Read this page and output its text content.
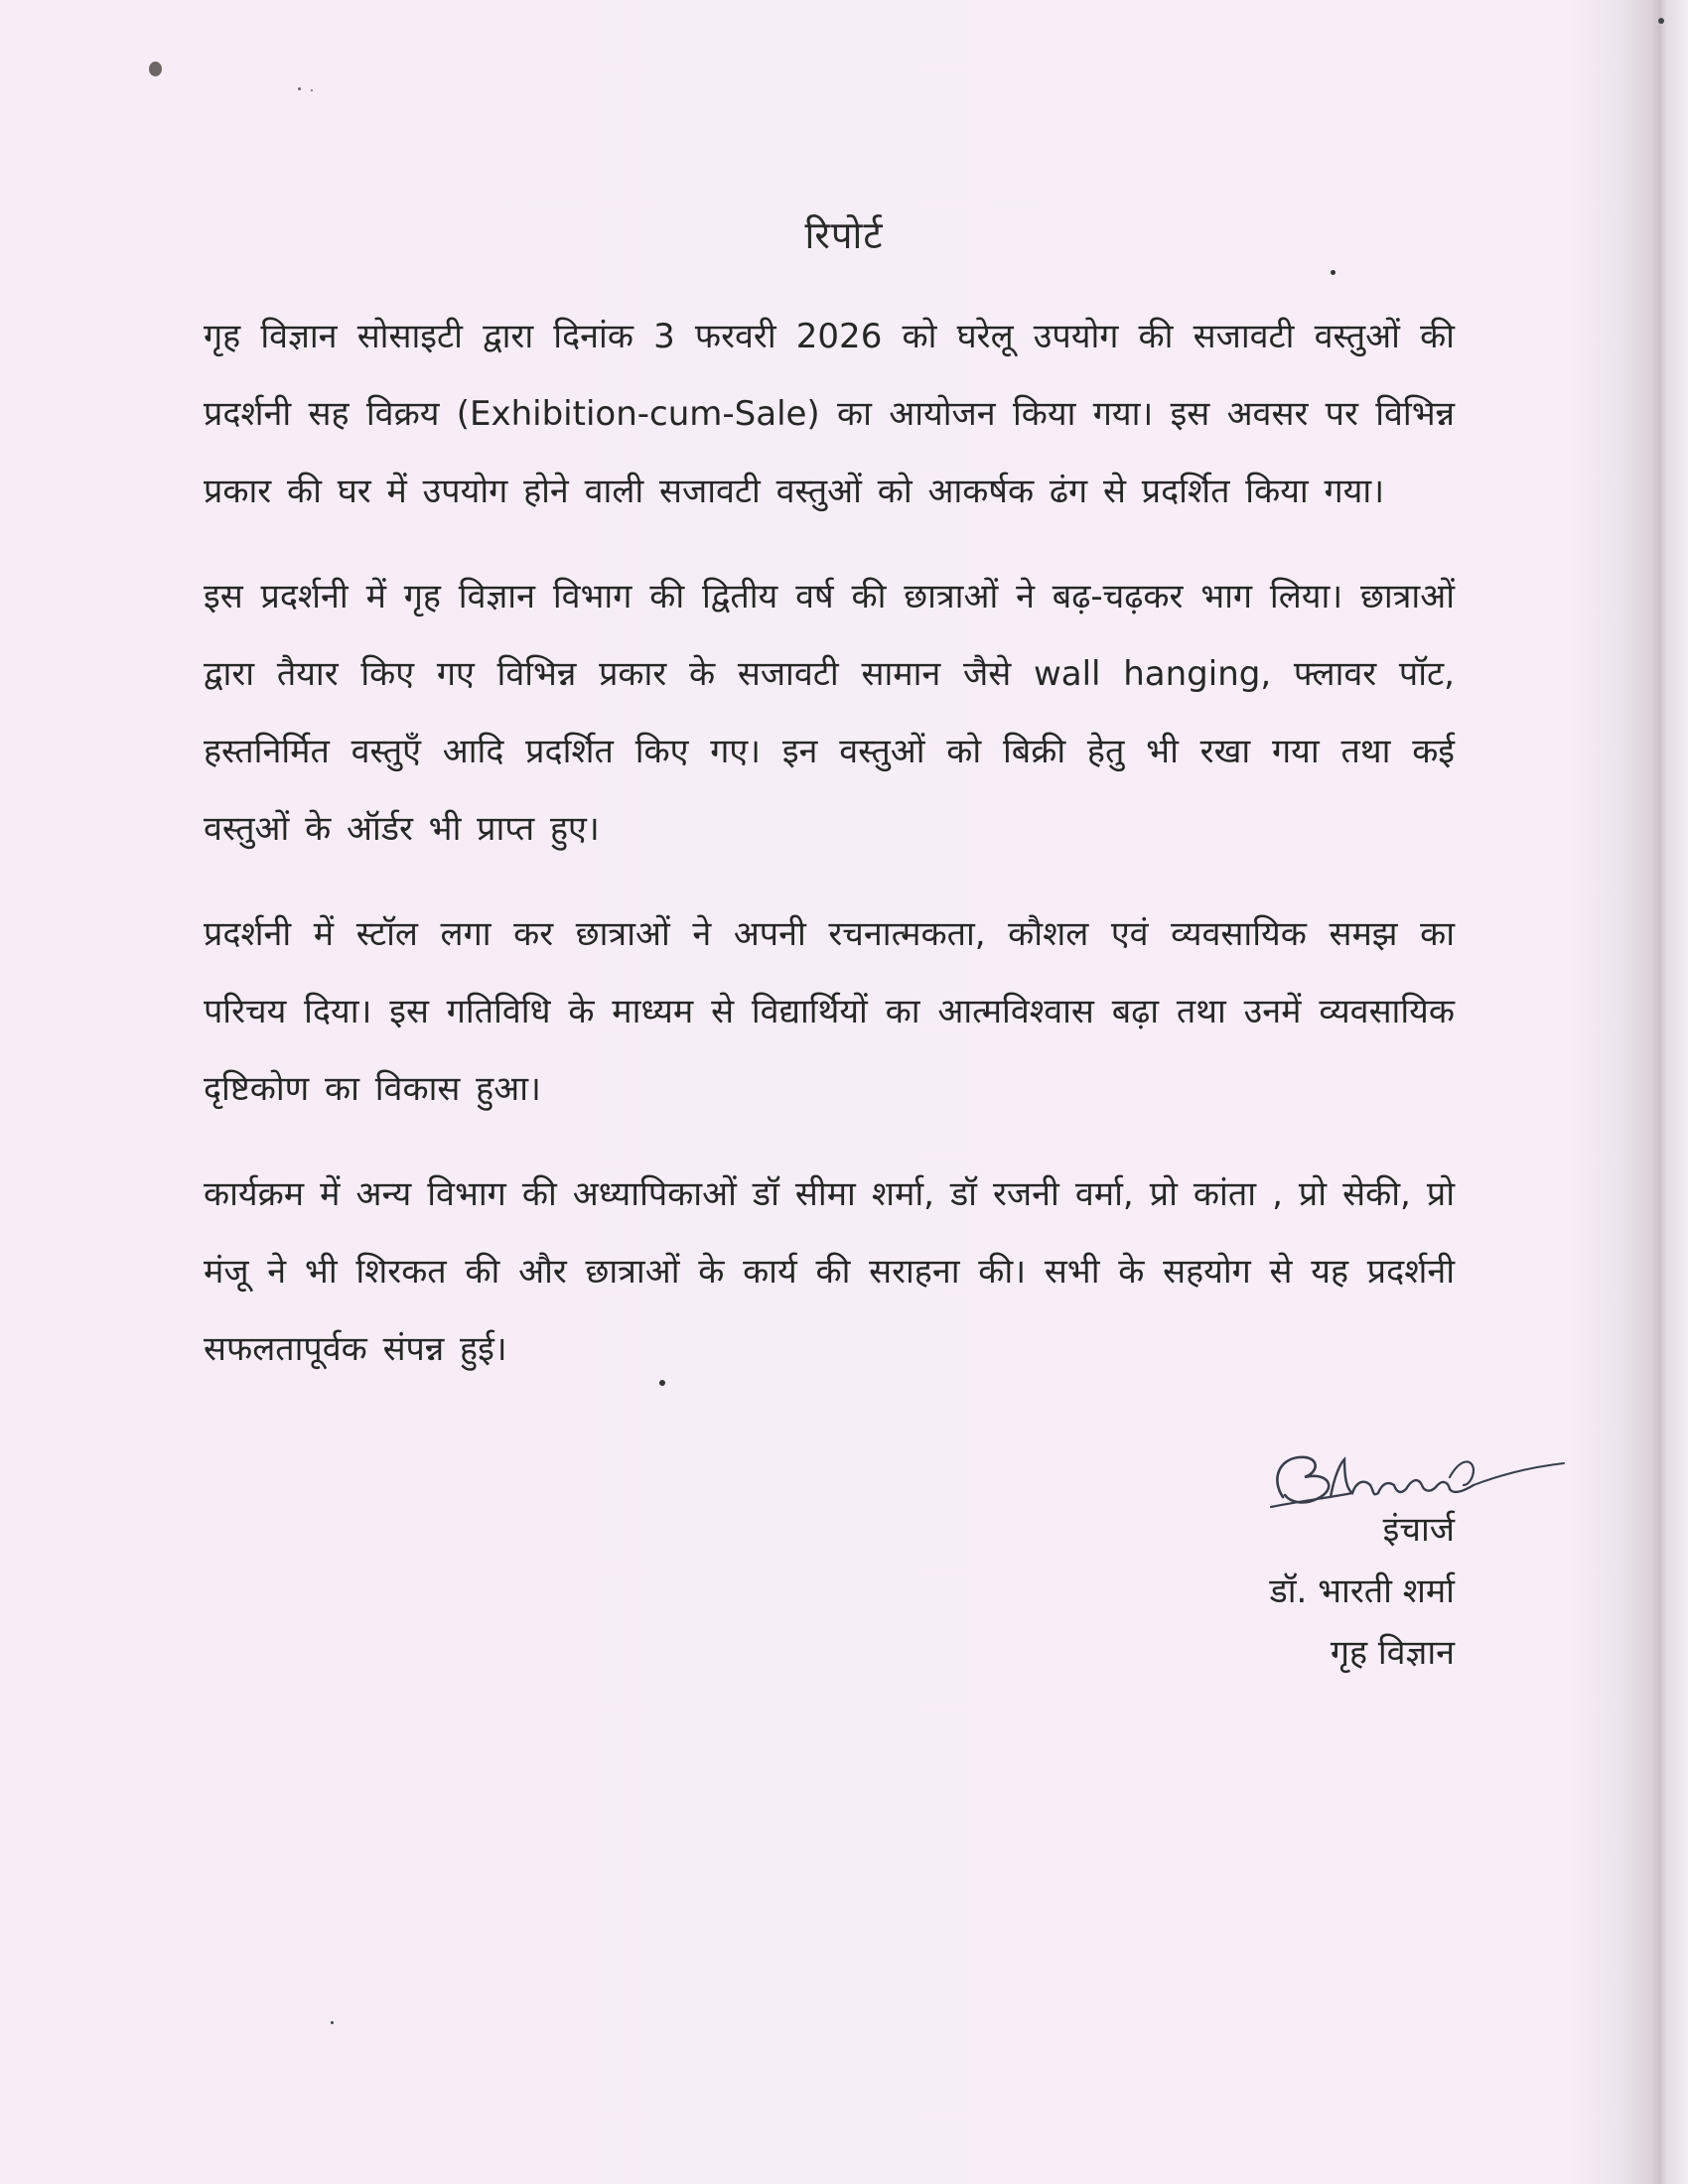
रिपोर्ट

गृह विज्ञान सोसाइटी द्वारा दिनांक 3 फरवरी 2026 को घरेलू उपयोग की सजावटी वस्तुओं की प्रदर्शनी सह विक्रय (Exhibition-cum-Sale) का आयोजन किया गया। इस अवसर पर विभिन्न प्रकार की घर में उपयोग होने वाली सजावटी वस्तुओं को आकर्षक ढंग से प्रदर्शित किया गया।

इस प्रदर्शनी में गृह विज्ञान विभाग की द्वितीय वर्ष की छात्राओं ने बढ़-चढ़कर भाग लिया। छात्राओं द्वारा तैयार किए गए विभिन्न प्रकार के सजावटी सामान जैसे wall hanging, फ्लावर पॉट, हस्तनिर्मित वस्तुएँ आदि प्रदर्शित किए गए। इन वस्तुओं को बिक्री हेतु भी रखा गया तथा कई वस्तुओं के ऑर्डर भी प्राप्त हुए।

प्रदर्शनी में स्टॉल लगा कर छात्राओं ने अपनी रचनात्मकता, कौशल एवं व्यवसायिक समझ का परिचय दिया। इस गतिविधि के माध्यम से विद्यार्थियों का आत्मविश्वास बढ़ा तथा उनमें व्यवसायिक दृष्टिकोण का विकास हुआ।

कार्यक्रम में अन्य विभाग की अध्यापिकाओं डॉ सीमा शर्मा, डॉ रजनी वर्मा, प्रो कांता , प्रो सेकी, प्रो मंजू ने भी शिरकत की और छात्राओं के कार्य की सराहना की। सभी के सहयोग से यह प्रदर्शनी सफलतापूर्वक संपन्न हुई।

इंचार्ज
डॉ. भारती शर्मा
गृह विज्ञान
